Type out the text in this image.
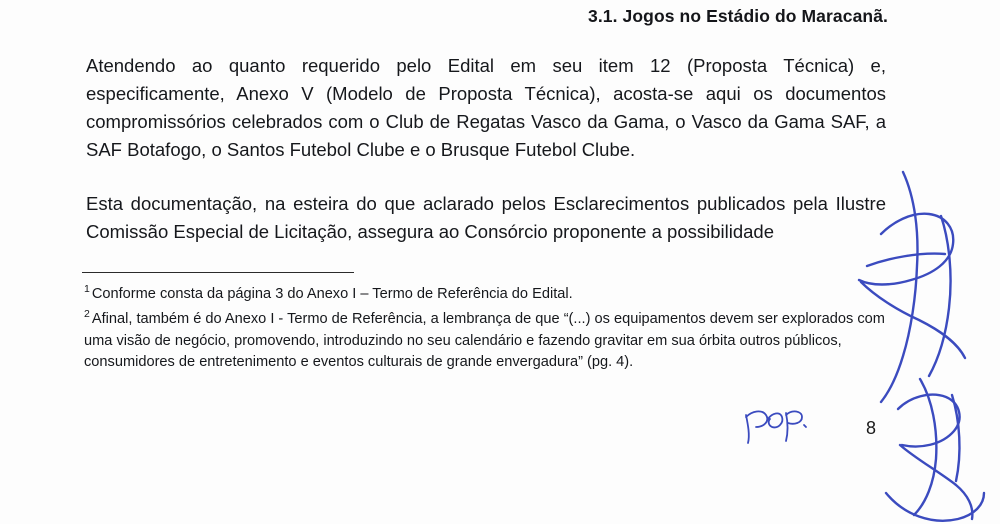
3.1. Jogos no Estádio do Maracanã.

Atendendo ao quanto requerido pelo Edital em seu item 12 (Proposta Técnica) e, especificamente, Anexo V (Modelo de Proposta Técnica), acosta-se aqui os documentos compromissórios celebrados com o Club de Regatas Vasco da Gama, o Vasco da Gama SAF, a SAF Botafogo, o Santos Futebol Clube e o Brusque Futebol Clube.

Esta documentação, na esteira do que aclarado pelos Esclarecimentos publicados pela Ilustre Comissão Especial de Licitação, assegura ao Consórcio proponente a possibilidade

$^1$ Conforme consta da página 3 do Anexo I – Termo de Referência do Edital.

$^2$ Afinal, também é do Anexo I - Termo de Referência, a lembrança de que “(...) os equipamentos devem ser explorados com uma visão de negócio, promovendo, introduzindo no seu calendário e fazendo gravitar em sua órbita outros públicos, consumidores de entretenimento e eventos culturais de grande envergadura” (pg. 4).

8
